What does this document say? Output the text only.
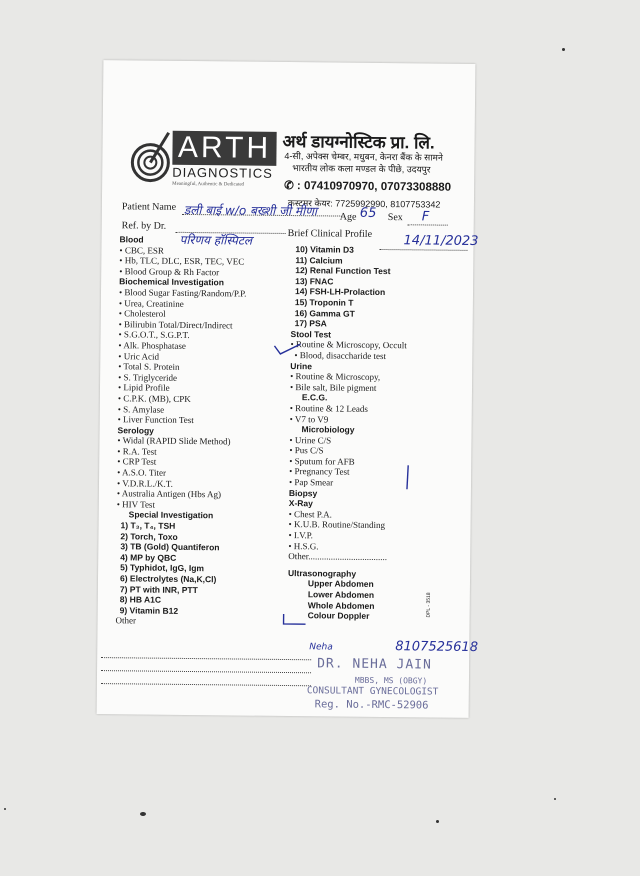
ARTH
DIAGNOSTICS
Meaningful, Authentic & Dedicated
अर्थ डायग्नोस्टिक प्रा. लि.
4-सी, अपेक्स चेम्बर, मधुबन, केनरा बैंक के सामने
भारतीय लोक कला मण्डल के पीछे, उदयपुर
✆ : 07410970970, 07073308880
कस्टमर केयर: 7725992990, 8107753342
Patient Name डली बाई w/o बख्शी जी मीणा Age 65 Sex F
Ref. by Dr.
परिणय हॉस्पिटल	Brief Clinical Profile 14/11/2023
Blood
• CBC, ESR
• Hb, TLC, DLC, ESR, TEC, VEC
• Blood Group & Rh Factor
Biochemical Investigation
• Blood Sugar Fasting/Random/P.P.
• Urea, Creatinine
• Cholesterol
• Bilirubin Total/Direct/Indirect
• S.G.O.T., S.G.P.T.
• Alk. Phosphatase
• Uric Acid
• Total S. Protein
• S. Triglyceride
• Lipid Profile
• C.P.K. (MB), CPK
• S. Amylase
• Liver Function Test
Serology
• Widal (RAPID Slide Method)
• R.A. Test
• CRP Test
• A.S.O. Titer
• V.D.R.L./K.T.
• Australia Antigen (Hbs Ag)
• HIV Test
Special Investigation
1) T₃, T₄, TSH
2) Torch, Toxo
3) TB (Gold) Quantiferon
4) MP by QBC
5) Typhidot, IgG, Igm
6) Electrolytes (Na,K,Cl)
7) PT with INR, PTT
8) HB A1C
9) Vitamin B12
Other
10) Vitamin D3
11) Calcium
12) Renal Function Test
13) FNAC
14) FSH-LH-Prolaction
15) Troponin T
16) Gamma GT
17) PSA
Stool Test
• Routine & Microscopy, Occult
• Blood, disaccharide test
Urine
• Routine & Microscopy,
• Bile salt, Bile pigment
E.C.G.
• Routine & 12 Leads
• V7 to V9
Microbiology
• Urine C/S
• Pus C/S
• Sputum for AFB
• Pregnancy Test
• Pap Smear
Biopsy
X-Ray
• Chest P.A.
• K.U.B. Routine/Standing
• I.V.P.
• H.S.G.
Other...................................
Ultrasonography
Upper Abdomen
Lower Abdomen
Whole Abdomen
Colour Doppler
8107525618
Neha
DR. NEHA JAIN
MBBS, MS (OBGY)
CONSULTANT GYNECOLOGIST
Reg. No.-RMC-52906
DPL - 3518
